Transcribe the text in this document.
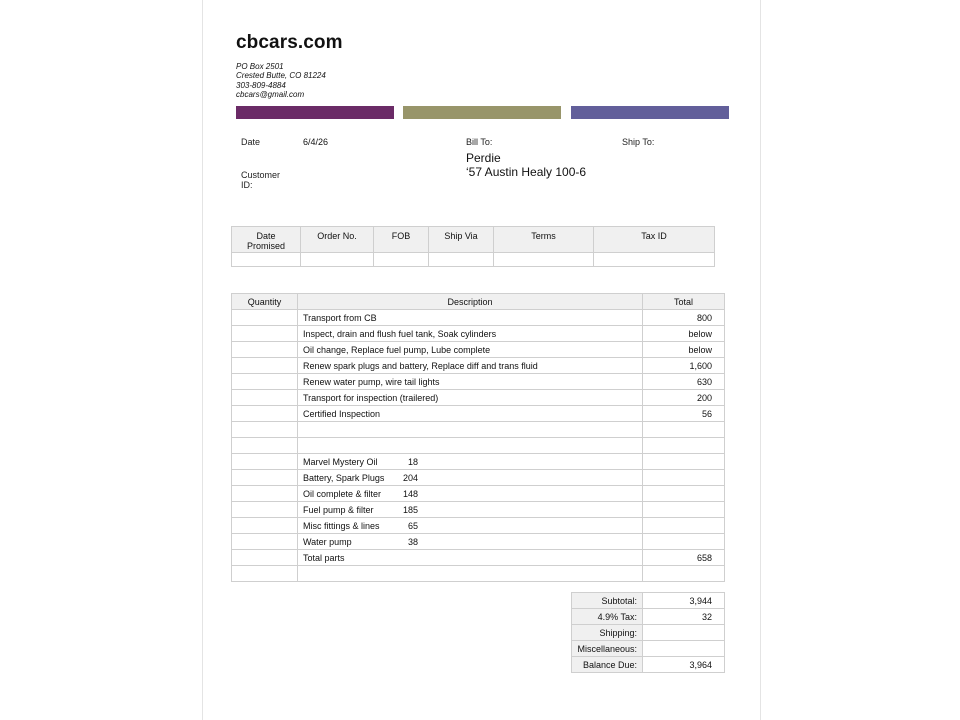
cbcars.com
PO Box 2501
Crested Butte, CO 81224
303-809-4884
cbcars@gmail.com
Date	6/4/26
Customer
ID:
Bill To:
Perdie
‘57 Austin Healy 100-6
Ship To:
Date
Promised	Order No.	FOB	Ship Via	Terms	Tax ID

Quantity	Description	Total
	Transport from CB	800
	Inspect, drain and flush fuel tank, Soak cylinders	below
	Oil change, Replace fuel pump, Lube complete	below
	Renew spark plugs and battery, Replace diff and trans fluid	1,600
	Renew water pump, wire tail lights	630
	Transport for inspection (trailered)	200
	Certified Inspection	56

	Marvel Mystery Oil 18	
	Battery, Spark Plugs 204	
	Oil complete & filter 148	
	Fuel pump & filter 185	
	Misc fittings & lines 65	
	Water pump 38	
	Total parts	658

Subtotal:	3,944
4.9% Tax:	32
Shipping:	
Miscellaneous:	
Balance Due:	3,964
